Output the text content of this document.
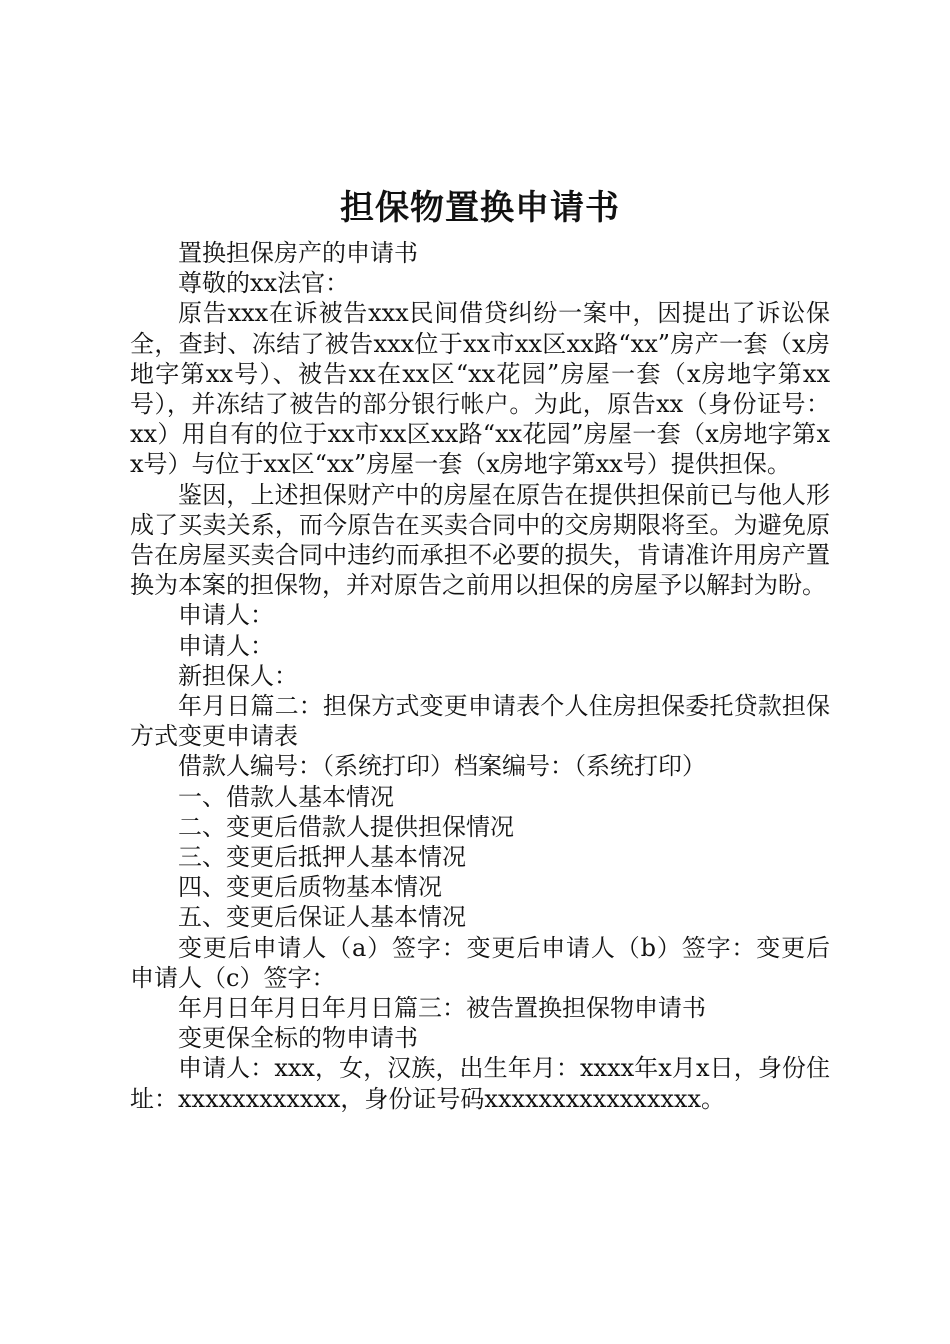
担保物置换申请书

置换担保房产的申请书

尊敬的xx法官：

原告xxx在诉被告xxx民间借贷纠纷一案中，因提出了诉讼保全，查封、冻结了被告xxx位于xx市xx区xx路“xx”房产一套（x房地字第xx号）、被告xx在xx区“xx花园”房屋一套（x房地字第xx号），并冻结了被告的部分银行帐户。为此，原告xx（身份证号：xx）用自有的位于xx市xx区xx路“xx花园”房屋一套（x房地字第xx号）与位于xx区“xx”房屋一套（x房地字第xx号）提供担保。

鉴因，上述担保财产中的房屋在原告在提供担保前已与他人形成了买卖关系，而今原告在买卖合同中的交房期限将至。为避免原告在房屋买卖合同中违约而承担不必要的损失，肯请准许用房产置换为本案的担保物，并对原告之前用以担保的房屋予以解封为盼。

申请人：

申请人：

新担保人：

年月日篇二：担保方式变更申请表个人住房担保委托贷款担保方式变更申请表

借款人编号：（系统打印）档案编号：（系统打印）

一、借款人基本情况

二、变更后借款人提供担保情况

三、变更后抵押人基本情况

四、变更后质物基本情况

五、变更后保证人基本情况

变更后申请人（a）签字：变更后申请人（b）签字：变更后申请人（c）签字：

年月日年月日年月日篇三：被告置换担保物申请书

变更保全标的物申请书

申请人：xxx，女，汉族，出生年月：xxxx年x月x日，身份住址：xxxxxxxxxxxx，身份证号码xxxxxxxxxxxxxxxx。
